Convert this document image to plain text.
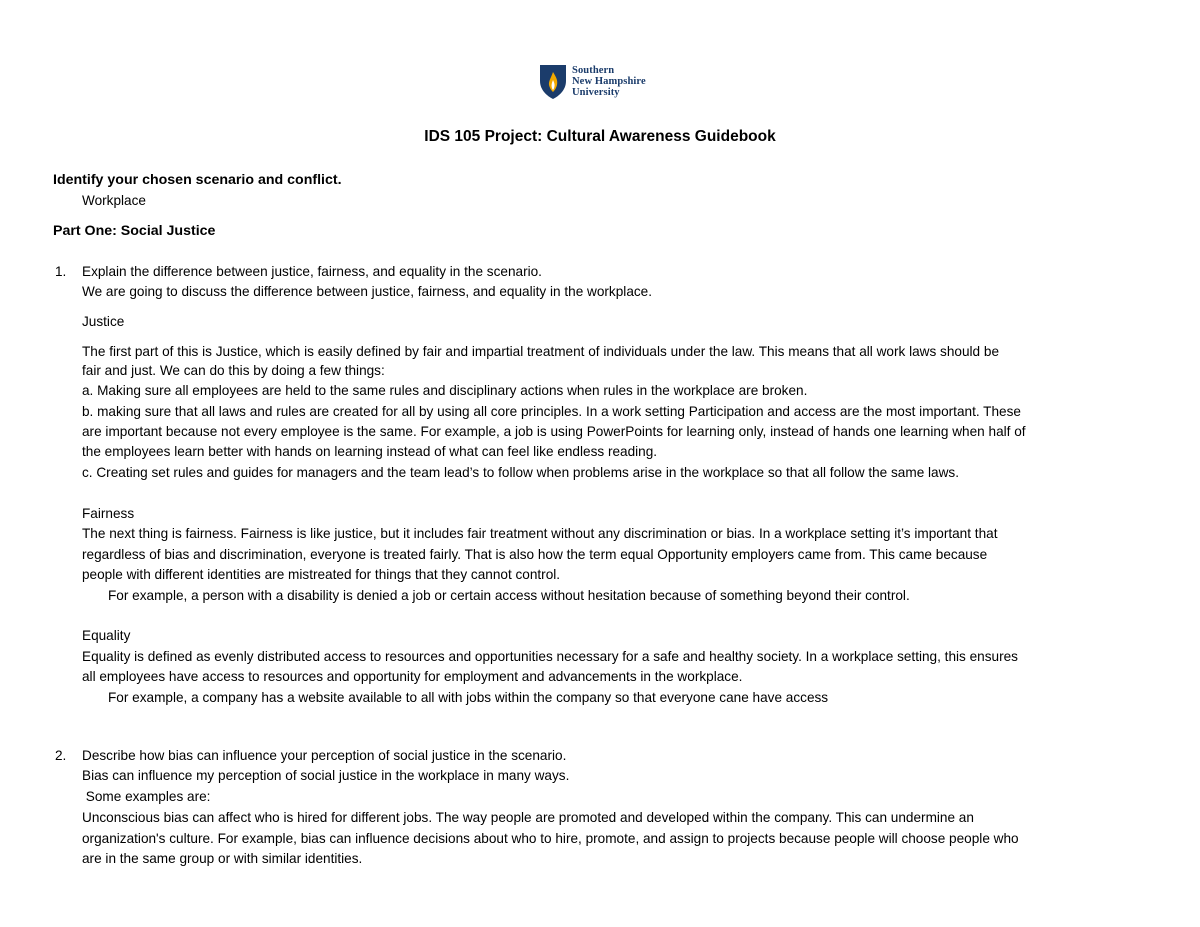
Southern
New Hampshire
University
IDS 105 Project: Cultural Awareness Guidebook
Identify your chosen scenario and conflict.
Workplace
Part One: Social Justice
1. Explain the difference between justice, fairness, and equality in the scenario.
We are going to discuss the difference between justice, fairness, and equality in the workplace.
Justice
The first part of this is Justice, which is easily defined by fair and impartial treatment of individuals under the law. This means that all work laws should be
fair and just. We can do this by doing a few things:
a. Making sure all employees are held to the same rules and disciplinary actions when rules in the workplace are broken.
b. making sure that all laws and rules are created for all by using all core principles. In a work setting Participation and access are the most important. These
are important because not every employee is the same. For example, a job is using PowerPoints for learning only, instead of hands one learning when half of
the employees learn better with hands on learning instead of what can feel like endless reading.
c. Creating set rules and guides for managers and the team lead’s to follow when problems arise in the workplace so that all follow the same laws.
Fairness
The next thing is fairness. Fairness is like justice, but it includes fair treatment without any discrimination or bias. In a workplace setting it’s important that
regardless of bias and discrimination, everyone is treated fairly. That is also how the term equal Opportunity employers came from. This came because
people with different identities are mistreated for things that they cannot control.
For example, a person with a disability is denied a job or certain access without hesitation because of something beyond their control.
Equality
Equality is defined as evenly distributed access to resources and opportunities necessary for a safe and healthy society. In a workplace setting, this ensures
all employees have access to resources and opportunity for employment and advancements in the workplace.
For example, a company has a website available to all with jobs within the company so that everyone cane have access
2. Describe how bias can influence your perception of social justice in the scenario.
Bias can influence my perception of social justice in the workplace in many ways.
Some examples are:
Unconscious bias can affect who is hired for different jobs. The way people are promoted and developed within the company. This can undermine an
organization's culture. For example, bias can influence decisions about who to hire, promote, and assign to projects because people will choose people who
are in the same group or with similar identities.
